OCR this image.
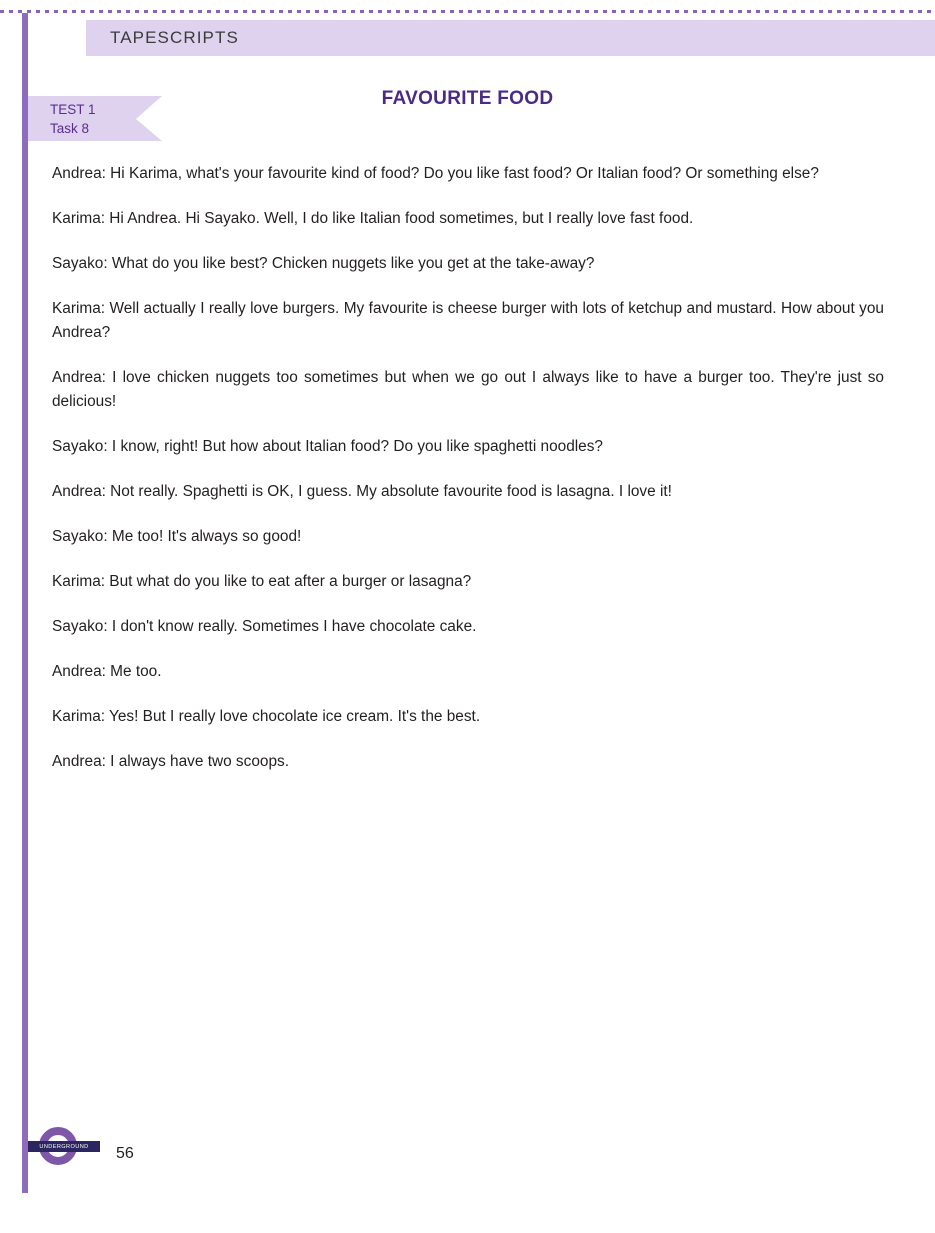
TAPESCRIPTS
TEST 1
Task 8
FAVOURITE FOOD
Andrea: Hi Karima, what's your favourite kind of food? Do you like fast food? Or Italian food? Or something else?
Karima: Hi Andrea. Hi Sayako. Well, I do like Italian food sometimes, but I really love fast food.
Sayako: What do you like best? Chicken nuggets like you get at the take-away?
Karima: Well actually I really love burgers. My favourite is cheese burger with lots of ketchup and mustard. How about you Andrea?
Andrea: I love chicken nuggets too sometimes but when we go out I always like to have a burger too. They're just so delicious!
Sayako: I know, right! But how about Italian food? Do you like spaghetti noodles?
Andrea: Not really. Spaghetti is OK, I guess. My absolute favourite food is lasagna. I love it!
Sayako: Me too! It's always so good!
Karima: But what do you like to eat after a burger or lasagna?
Sayako: I don't know really. Sometimes I have chocolate cake.
Andrea: Me too.
Karima: Yes! But I really love chocolate ice cream. It's the best.
Andrea: I always have two scoops.
UNDERGROUND 56
